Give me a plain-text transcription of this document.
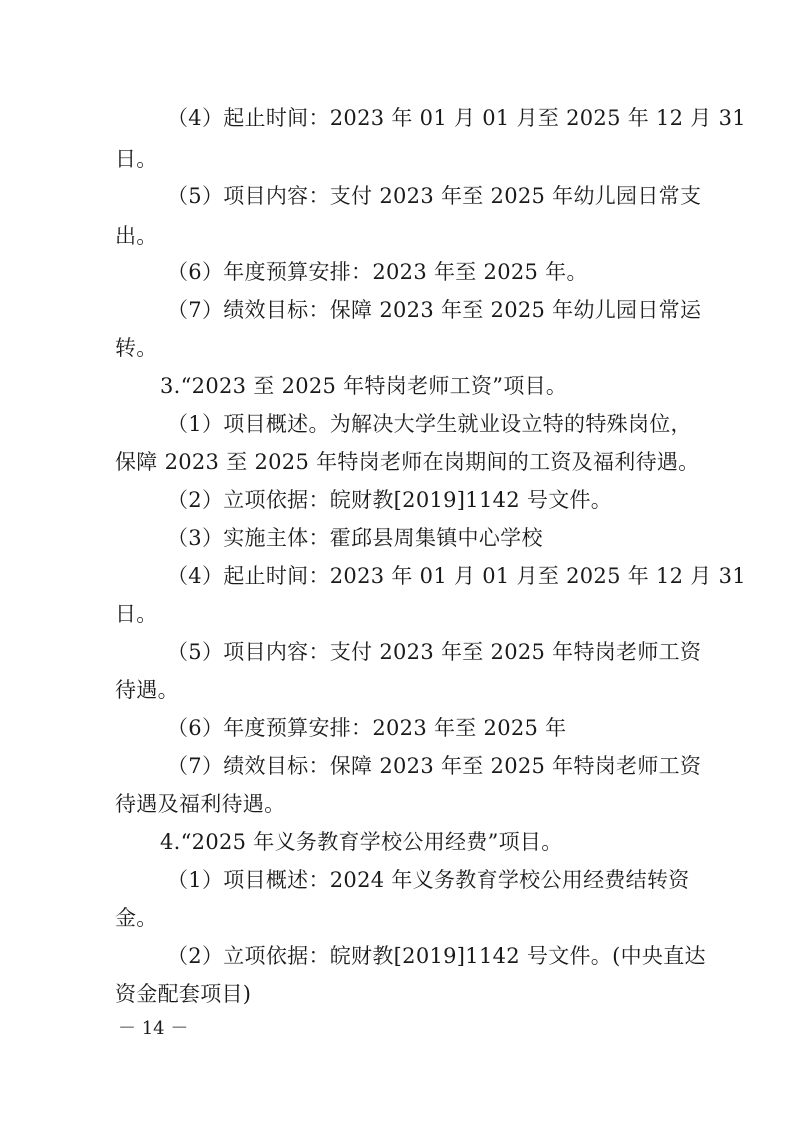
（4）起止时间：2023 年 01 月 01 月至 2025 年 12 月 31
日。
（5）项目内容：支付 2023 年至 2025 年幼儿园日常支
出。
（6）年度预算安排：2023 年至 2025 年。
（7）绩效目标：保障 2023 年至 2025 年幼儿园日常运
转。
3.“2023 至 2025 年特岗老师工资”项目。
（1）项目概述。为解决大学生就业设立特的特殊岗位，
保障 2023 至 2025 年特岗老师在岗期间的工资及福利待遇。
（2）立项依据：皖财教[2019]1142 号文件。
（3）实施主体：霍邱县周集镇中心学校
（4）起止时间：2023 年 01 月 01 月至 2025 年 12 月 31
日。
（5）项目内容：支付 2023 年至 2025 年特岗老师工资
待遇。
（6）年度预算安排：2023 年至 2025 年
（7）绩效目标：保障 2023 年至 2025 年特岗老师工资
待遇及福利待遇。
4.“2025 年义务教育学校公用经费”项目。
（1）项目概述：2024 年义务教育学校公用经费结转资
金。
（2）立项依据：皖财教[2019]1142 号文件。(中央直达
资金配套项目)
－ 14 －
